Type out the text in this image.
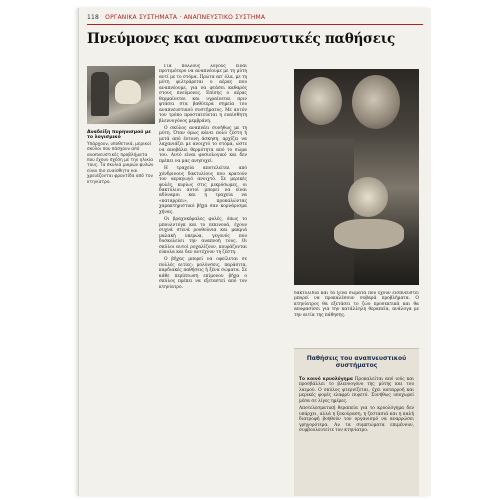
118 ΟΡΓΑΝΙΚΑ ΣΥΣΤΗΜΑΤΑ · ΑΝΑΠΝΕΥΣΤΙΚΟ ΣΥΣΤΗΜΑ
Πνεύμονες και αναπνευστικές παθήσεις
Αναδείξη πυρηνισμού με το λογισμικό
Υπάρχουν, υποθετικά, μερικοί σκύλοι που πάσχουν από αναπνευστικές προβλήματα που έχουν σχέση με την ηλικία τους. Τα σκυλιά μικρών φυλών είναι πιο ευαίσθητα και χρειάζονται φροντίδα από τον κτηνίατρο.

Για πολλούς λόγους είναι προτιμότερο να αναπνέουμε με τη μύτη αντί με το στόμα. Πρώτα απ' όλα, με τη μύτη φιλτράρεται ο αέρας που αναπνέουμε, για να φτάσει καθαρός στους πνεύμονες. Επίσης ο αέρας θερμαίνεται και υγραίνεται πριν φτάσει στα βαθύτερα σημεία του αναπνευστικού συστήματος. Με αυτόν τον τρόπο προστατεύεται η ευαίσθητη βλεννογόνος μεμβράνη.

Ο σκύλος αναπνέει συνήθως με τη μύτη. Όταν όμως κάνει πολύ ζέστη ή μετά από έντονη άσκηση, αρχίζει να λαχανιάζει με ανοιχτό το στόμα, ώστε να αποβάλει θερμότητα από το σώμα του. Αυτό είναι φυσιολογικό και δεν πρέπει να μας ανησυχεί.

Η τραχεία αποτελείται από χόνδρινους δακτυλίους που κρατούν τον αεραγωγό ανοιχτό. Σε μερικές φυλές, κυρίως στις μικρόσωμες, οι δακτύλιοι αυτοί μπορεί να είναι αδύναμοι και η τραχεία να «καταρρέει», προκαλώντας χαρακτηριστικό βήχα σαν κορνάρισμα χήνας.

Οι βραχυκέφαλες φυλές, όπως το μπουλντόγκ και το πεκινουά, έχουν συχνά στενά ρουθούνια και μακριά μαλακή υπερώα, γεγονός που δυσκολεύει την αναπνοή τους. Οι σκύλοι αυτοί ροχαλίζουν, κουράζονται εύκολα και δεν αντέχουν τη ζέστη.

Ο βήχας μπορεί να οφείλεται σε πολλές αιτίες: μολύνσεις, παράσιτα, καρδιακές παθήσεις ή ξένα σώματα. Σε κάθε περίπτωση επίμονου βήχα ο σκύλος πρέπει να εξεταστεί από τον κτηνίατρο.

δακτυλίδια και τα ξένα σώματα που έχουν εισπνευστεί μπορεί να προκαλέσουν σοβαρά προβλήματα. Ο κτηνίατρος θα εξετάσει το ζώο προσεκτικά και θα αποφασίσει για την κατάλληλη θεραπεία, ανάλογα με την αιτία της πάθησης.
Παθήσεις του αναπνευστικού συστήματος

Το κοινό κρυολόγημα Προκαλείται από ιούς και προσβάλλει το βλεννογόνο της μύτης και του λαιμού. Ο σκύλος φτερνίζεται, έχει καταρροή και μερικές φορές ελαφρύ πυρετό. Συνήθως υποχωρεί μέσα σε λίγες ημέρες.

Αποτελεσματική θεραπεία για το κρυολόγημα δεν υπάρχει, αλλά η ξεκούραση, η ζεστασιά και η καλή διατροφή βοηθούν τον οργανισμό να αναρρώσει γρηγορότερα. Αν τα συμπτώματα επιμένουν, συμβουλευτείτε τον κτηνίατρο.
